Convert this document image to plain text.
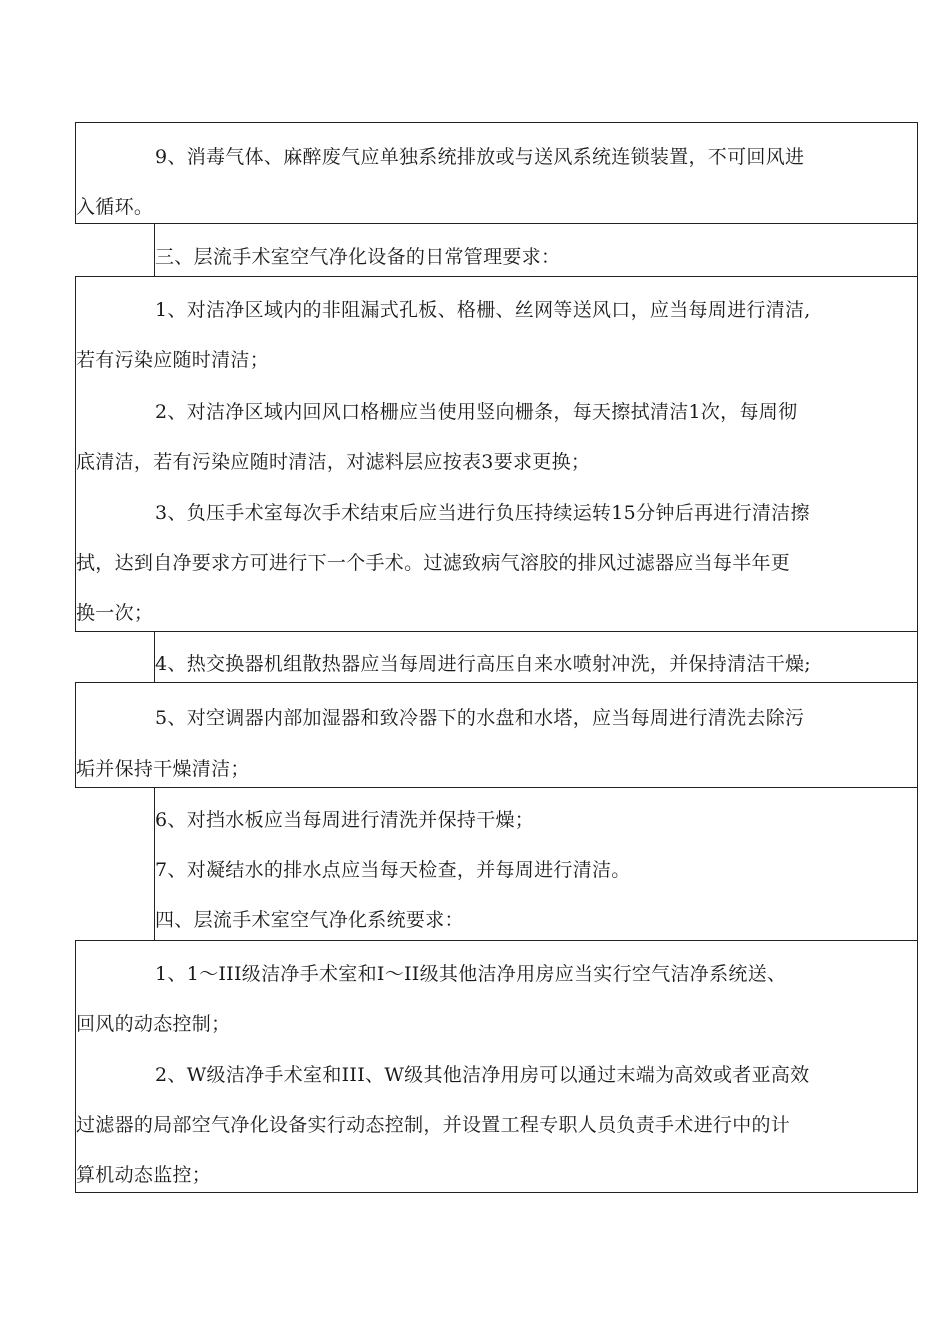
9、消毒气体、麻醉废气应单独系统排放或与送风系统连锁装置，不可回风进
入循环。
三、层流手术室空气净化设备的日常管理要求：
1、对洁净区域内的非阻漏式孔板、格栅、丝网等送风口，应当每周进行清洁,
若有污染应随时清洁；
2、对洁净区域内回风口格栅应当使用竖向栅条，每天擦拭清洁1次，每周彻
底清洁，若有污染应随时清洁，对滤料层应按表3要求更换；
3、负压手术室每次手术结束后应当进行负压持续运转15分钟后再进行清洁擦
拭，达到自净要求方可进行下一个手术。过滤致病气溶胶的排风过滤器应当每半年更
换一次；
4、热交换器机组散热器应当每周进行高压自来水喷射冲洗，并保持清洁干燥;
5、对空调器内部加湿器和致冷器下的水盘和水塔，应当每周进行清洗去除污
垢并保持干燥清洁；
6、对挡水板应当每周进行清洗并保持干燥；
7、对凝结水的排水点应当每天检查，并每周进行清洁。
四、层流手术室空气净化系统要求：
1、1〜III级洁净手术室和I〜II级其他洁净用房应当实行空气洁净系统送、
回风的动态控制；
2、W级洁净手术室和III、W级其他洁净用房可以通过末端为高效或者亚高效
过滤器的局部空气净化设备实行动态控制，并设置工程专职人员负责手术进行中的计
算机动态监控；
